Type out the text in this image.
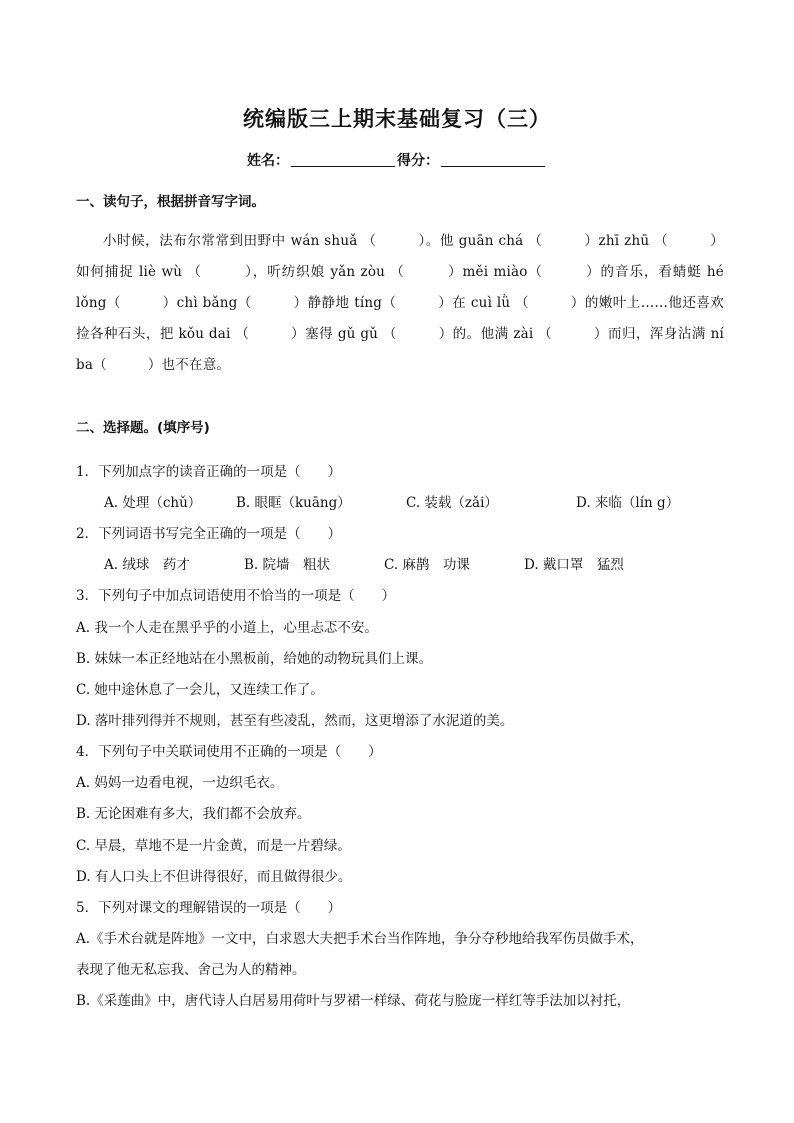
统编版三上期末基础复习（三）
姓名：	得分：
一、读句子，根据拼音写字词。
小时候，法布尔常常到田野中 wán shuǎ （　　　）。他 guān chá （　　　）zhī zhū （　　　）如何捕捉 liè wù （　　　），听纺织娘 yǎn zòu （　　　）měi miào（　　　）的音乐，看蜻蜓 hé lǒng（　　　）chì bǎng（　　　）静静地 tíng（　　　）在 cuì lǜ （　　　）的嫩叶上……他还喜欢捡各种石头，把 kǒu dai （　　　）塞得 gǔ gǔ （　　　）的。他满 zài （　　　）而归，浑身沾满 ní ba（　　　）也不在意。
二、选择题。(填序号)
1．下列加点字的读音正确的一项是（　　）
A. 处理（chǔ）	B. 眼眶（kuāng）	C. 装载（zǎi）	D. 来临（lín g）
2．下列词语书写完全正确的一项是（　　）
A. 绒球　药才	B. 院墙　粗状	C. 麻鹊　功课	D. 戴口罩　猛烈
3．下列句子中加点词语使用不恰当的一项是（　　）
A. 我一个人走在黑乎乎的小道上，心里忐忑不安。
B. 妹妹一本正经地站在小黑板前，给她的动物玩具们上课。
C. 她中途休息了一会儿，又连续工作了。
D. 落叶排列得并不规则，甚至有些凌乱，然而，这更增添了水泥道的美。
4．下列句子中关联词使用不正确的一项是（　　）
A. 妈妈一边看电视，一边织毛衣。
B. 无论困难有多大，我们都不会放弃。
C. 早晨，草地不是一片金黄，而是一片碧绿。
D. 有人口头上不但讲得很好，而且做得很少。
5．下列对课文的理解错误的一项是（　　）
A.《手术台就是阵地》一文中，白求恩大夫把手术台当作阵地，争分夺秒地给我军伤员做手术，
表现了他无私忘我、舍己为人的精神。
B.《采莲曲》中，唐代诗人白居易用荷叶与罗裙一样绿、荷花与脸庞一样红等手法加以衬托，
